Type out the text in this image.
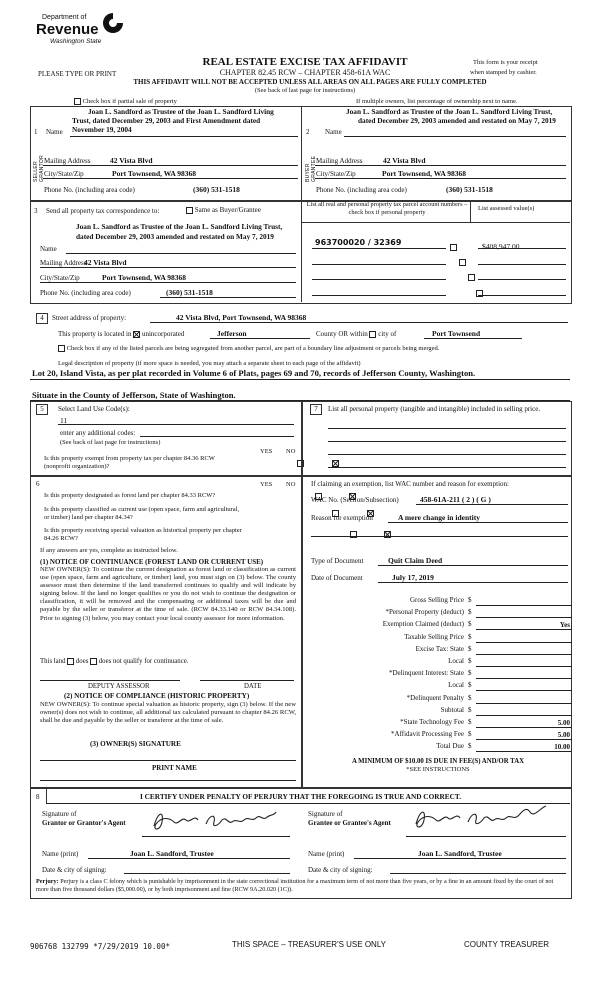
Department of
Revenue
Washington State
REAL ESTATE EXCISE TAX AFFIDAVIT
PLEASE TYPE OR PRINT	CHAPTER 82.45 RCW – CHAPTER 458-61A WAC
This form is your receipt
when stamped by cashier.
THIS AFFIDAVIT WILL NOT BE ACCEPTED UNLESS ALL AREAS ON ALL PAGES ARE FULLY COMPLETED
(See back of last page for instructions)
Check box if partial sale of property	If multiple owners, list percentage of ownership next to name.
1 Name
Joan L. Sandford as Trustee of the Joan L. Sandford Living Trust, dated December 29, 2003 and First Amendment dated November 19, 2004
SELLER GRANTOR Mailing Address	42 Vista Blvd
City/State/Zip	Port Townsend, WA 98368
Phone No. (including area code)	(360) 531-1518
2 Name
Joan L. Sandford as Trustee of the Joan L. Sandford Living Trust, dated December 29, 2003 amended and restated on May 7, 2019
BUYER GRANTEE Mailing Address	42 Vista Blvd
City/State/Zip	Port Townsend, WA 98368
Phone No. (including area code)	(360) 531-1518
3 Send all property tax correspondence to:	Same as Buyer/Grantee
Joan L. Sandford as Trustee of the Joan L. Sandford Living Trust, dated December 29, 2003 amended and restated on May 7, 2019
Name
Mailing Address
42 Vista Blvd
City/State/Zip	Port Townsend, WA 98368
Phone No. (including area code)	(360) 531-1518
List all real and personal property tax parcel account numbers – check box if personal property
List assessed value(s)
963700020 / 32369
	$408,947.00

4	Street address of property:	42 Vista Blvd, Port Townsend, WA 98368
This property is located in unincorporated	Jefferson	County OR within city of	Port Townsend
Check box if any of the listed parcels are being segregated from another parcel, are part of a boundary line adjustment or parcels being merged.
Legal description of property (if more space is needed, you may attach a separate sheet to each page of the affidavit)
Lot 20, Island Vista, as per plat recorded in Volume 6 of Plats, pages 69 and 70, records of Jefferson County, Washington.
Situate in the County of Jefferson, State of Washington.
5	Select Land Use Code(s):
11
enter any additional codes:
(See back of last page for instructions)
YES NO
Is this property exempt from property tax per chapter 84.36 RCW (nonprofit organization)?

7	List all personal property (tangible and intangible) included in selling price.
6	YES NO
Is this property designated as forest land per chapter 84.33 RCW?

Is this property classified as current use (open space, farm and agricultural, or timber) land per chapter 84.34?

Is this property receiving special valuation as historical property per chapter 84.26 RCW?

If any answers are yes, complete as instructed below.
(1) NOTICE OF CONTINUANCE (FOREST LAND OR CURRENT USE)
NEW OWNER(S): To continue the current designation as forest land or classification as current use (open space, farm and agriculture, or timber) land, you must sign on (3) below. The county assessor must then determine if the land transferred continues to qualify and will indicate by signing below. If the land no longer qualifies or you do not wish to continue the designation or classification, it will be removed and the compensating or additional taxes will be due and payable by the seller or transferor at the time of sale. (RCW 84.33.140 or RCW 84.34.108). Prior to signing (3) below, you may contact your local county assessor for more information.
This land does does not qualify for continuance.
DEPUTY ASSESSOR	DATE
(2) NOTICE OF COMPLIANCE (HISTORIC PROPERTY)
NEW OWNER(S): To continue special valuation as historic property, sign (3) below. If the new owner(s) does not wish to continue, all additional tax calculated pursuant to chapter 84.26 RCW, shall be due and payable by the seller or transferor at the time of sale.
(3) OWNER(S) SIGNATURE
PRINT NAME
If claiming an exemption, list WAC number and reason for exemption:
WAC No. (Section/Subsection)	458-61A-211 ( 2 ) ( G )
Reason for exemption	A mere change in identity
Type of Document	Quit Claim Deed
Date of Document	July 17, 2019
Gross Selling Price $
*Personal Property (deduct) $
Exemption Claimed (deduct) $	Yes
Taxable Selling Price $
Excise Tax: State $
Local $
*Delinquent Interest: State $
Local $
*Delinquent Penalty $
Subtotal $
*State Technology Fee $	5.00
*Affidavit Processing Fee $	5.00
Total Due $	10.00
A MINIMUM OF $10.00 IS DUE IN FEE(S) AND/OR TAX
*SEE INSTRUCTIONS
8	I CERTIFY UNDER PENALTY OF PERJURY THAT THE FOREGOING IS TRUE AND CORRECT.
Signature of
Grantor or Grantor's Agent
Signature of
Grantee or Grantee's Agent
Name (print)	Joan L. Sandford, Trustee	Name (print)	Joan L. Sandford, Trustee
Date & city of signing:	Date & city of signing:
Perjury: Perjury is a class C felony which is punishable by imprisonment in the state correctional institution for a maximum term of not more than five years, or by a fine in an amount fixed by the court of not more than five thousand dollars ($5,000.00), or by both imprisonment and fine (RCW 9A.20.020 (1C)).
906768 132799 *7/29/2019 10.00*	THIS SPACE – TREASURER'S USE ONLY	COUNTY TREASURER
